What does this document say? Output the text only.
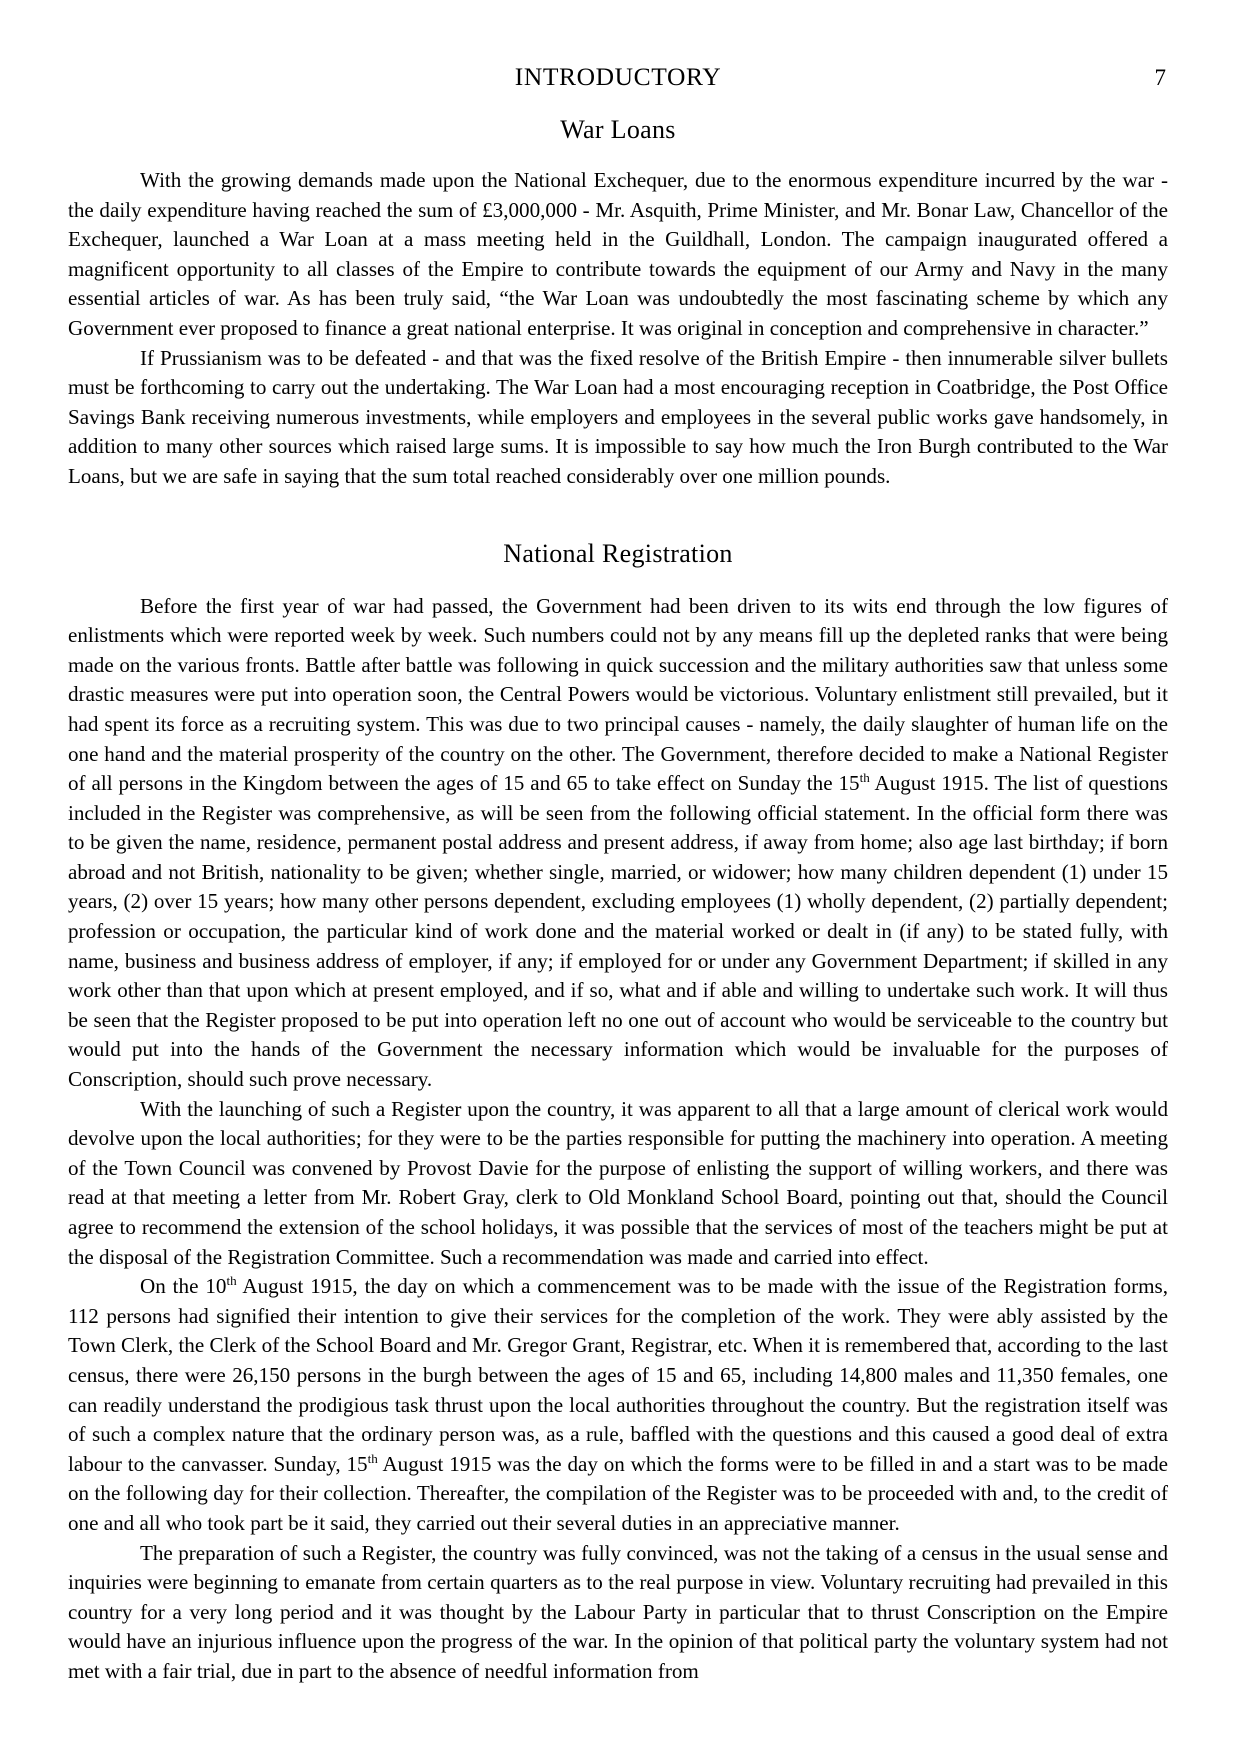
INTRODUCTORY	7
War Loans

With the growing demands made upon the National Exchequer, due to the enormous expenditure incurred by the war - the daily expenditure having reached the sum of £3,000,000 - Mr. Asquith, Prime Minister, and Mr. Bonar Law, Chancellor of the Exchequer, launched a War Loan at a mass meeting held in the Guildhall, London. The campaign inaugurated offered a magnificent opportunity to all classes of the Empire to contribute towards the equipment of our Army and Navy in the many essential articles of war. As has been truly said, “the War Loan was undoubtedly the most fascinating scheme by which any Government ever proposed to finance a great national enterprise. It was original in conception and comprehensive in character.”

If Prussianism was to be defeated - and that was the fixed resolve of the British Empire - then innumerable silver bullets must be forthcoming to carry out the undertaking. The War Loan had a most encouraging reception in Coatbridge, the Post Office Savings Bank receiving numerous investments, while employers and employees in the several public works gave handsomely, in addition to many other sources which raised large sums. It is impossible to say how much the Iron Burgh contributed to the War Loans, but we are safe in saying that the sum total reached considerably over one million pounds.

National Registration

Before the first year of war had passed, the Government had been driven to its wits end through the low figures of enlistments which were reported week by week. Such numbers could not by any means fill up the depleted ranks that were being made on the various fronts. Battle after battle was following in quick succession and the military authorities saw that unless some drastic measures were put into operation soon, the Central Powers would be victorious. Voluntary enlistment still prevailed, but it had spent its force as a recruiting system. This was due to two principal causes - namely, the daily slaughter of human life on the one hand and the material prosperity of the country on the other. The Government, therefore decided to make a National Register of all persons in the Kingdom between the ages of 15 and 65 to take effect on Sunday the 15th August 1915. The list of questions included in the Register was comprehensive, as will be seen from the following official statement. In the official form there was to be given the name, residence, permanent postal address and present address, if away from home; also age last birthday; if born abroad and not British, nationality to be given; whether single, married, or widower; how many children dependent (1) under 15 years, (2) over 15 years; how many other persons dependent, excluding employees (1) wholly dependent, (2) partially dependent; profession or occupation, the particular kind of work done and the material worked or dealt in (if any) to be stated fully, with name, business and business address of employer, if any; if employed for or under any Government Department; if skilled in any work other than that upon which at present employed, and if so, what and if able and willing to undertake such work. It will thus be seen that the Register proposed to be put into operation left no one out of account who would be serviceable to the country but would put into the hands of the Government the necessary information which would be invaluable for the purposes of Conscription, should such prove necessary.

With the launching of such a Register upon the country, it was apparent to all that a large amount of clerical work would devolve upon the local authorities; for they were to be the parties responsible for putting the machinery into operation. A meeting of the Town Council was convened by Provost Davie for the purpose of enlisting the support of willing workers, and there was read at that meeting a letter from Mr. Robert Gray, clerk to Old Monkland School Board, pointing out that, should the Council agree to recommend the extension of the school holidays, it was possible that the services of most of the teachers might be put at the disposal of the Registration Committee. Such a recommendation was made and carried into effect.

On the 10th August 1915, the day on which a commencement was to be made with the issue of the Registration forms, 112 persons had signified their intention to give their services for the completion of the work. They were ably assisted by the Town Clerk, the Clerk of the School Board and Mr. Gregor Grant, Registrar, etc. When it is remembered that, according to the last census, there were 26,150 persons in the burgh between the ages of 15 and 65, including 14,800 males and 11,350 females, one can readily understand the prodigious task thrust upon the local authorities throughout the country. But the registration itself was of such a complex nature that the ordinary person was, as a rule, baffled with the questions and this caused a good deal of extra labour to the canvasser. Sunday, 15th August 1915 was the day on which the forms were to be filled in and a start was to be made on the following day for their collection. Thereafter, the compilation of the Register was to be proceeded with and, to the credit of one and all who took part be it said, they carried out their several duties in an appreciative manner.

The preparation of such a Register, the country was fully convinced, was not the taking of a census in the usual sense and inquiries were beginning to emanate from certain quarters as to the real purpose in view. Voluntary recruiting had prevailed in this country for a very long period and it was thought by the Labour Party in particular that to thrust Conscription on the Empire would have an injurious influence upon the progress of the war. In the opinion of that political party the voluntary system had not met with a fair trial, due in part to the absence of needful information from
